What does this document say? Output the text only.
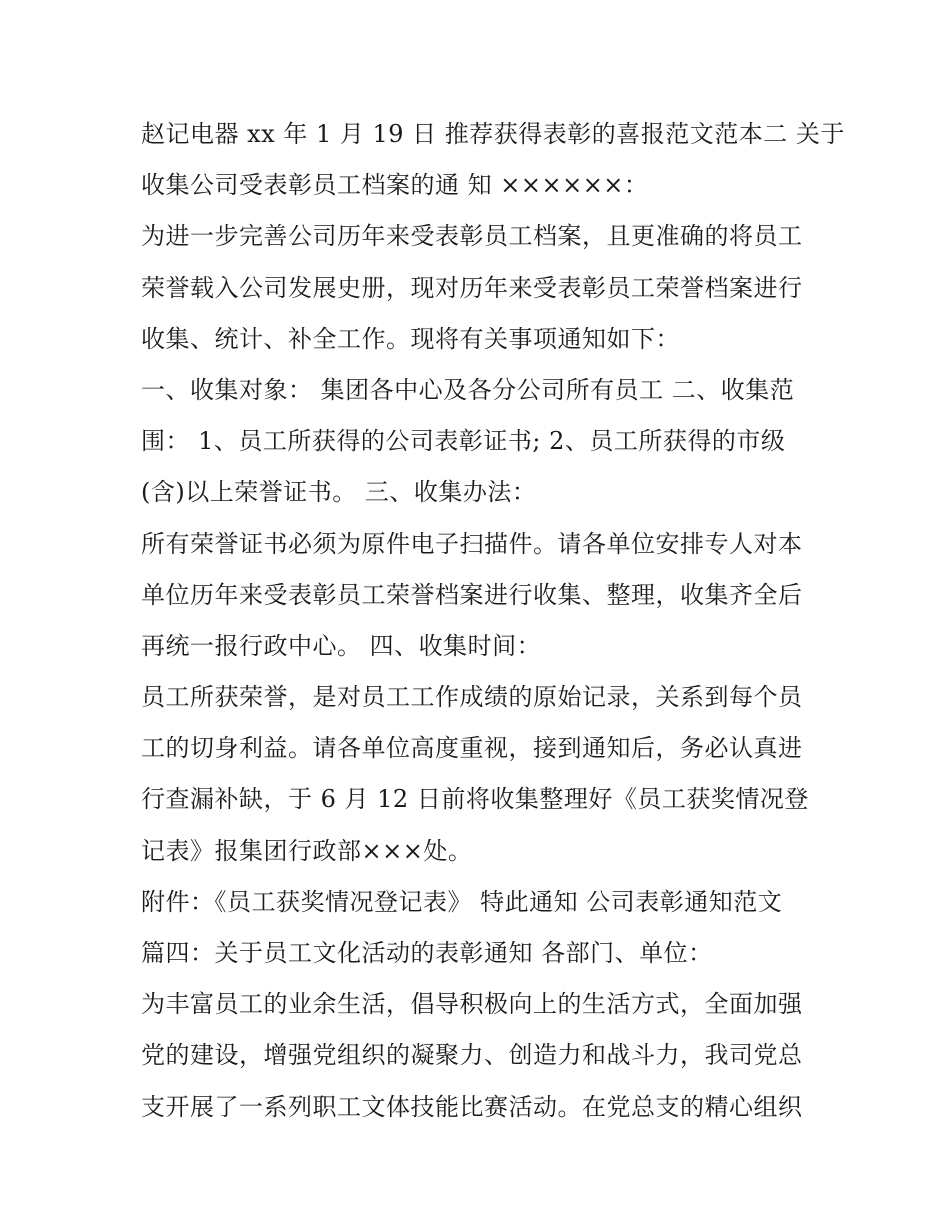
赵记电器 xx 年 1 月 19 日 推荐获得表彰的喜报范文范本二 关于
收集公司受表彰员工档案的通 知 ××××××：
为进一步完善公司历年来受表彰员工档案，且更准确的将员工
荣誉载入公司发展史册，现对历年来受表彰员工荣誉档案进行
收集、统计、补全工作。现将有关事项通知如下：
一、收集对象： 集团各中心及各分公司所有员工 二、收集范
围： 1、员工所获得的公司表彰证书; 2、员工所获得的市级
(含)以上荣誉证书。 三、收集办法：
所有荣誉证书必须为原件电子扫描件。请各单位安排专人对本
单位历年来受表彰员工荣誉档案进行收集、整理，收集齐全后
再统一报行政中心。 四、收集时间：
员工所获荣誉，是对员工工作成绩的原始记录，关系到每个员
工的切身利益。请各单位高度重视，接到通知后，务必认真进
行查漏补缺，于 6 月 12 日前将收集整理好《员工获奖情况登
记表》报集团行政部×××处。
附件：《员工获奖情况登记表》 特此通知 公司表彰通知范文
篇四：关于员工文化活动的表彰通知 各部门、单位：
为丰富员工的业余生活，倡导积极向上的生活方式，全面加强
党的建设，增强党组织的凝聚力、创造力和战斗力，我司党总
支开展了一系列职工文体技能比赛活动。在党总支的精心组织
